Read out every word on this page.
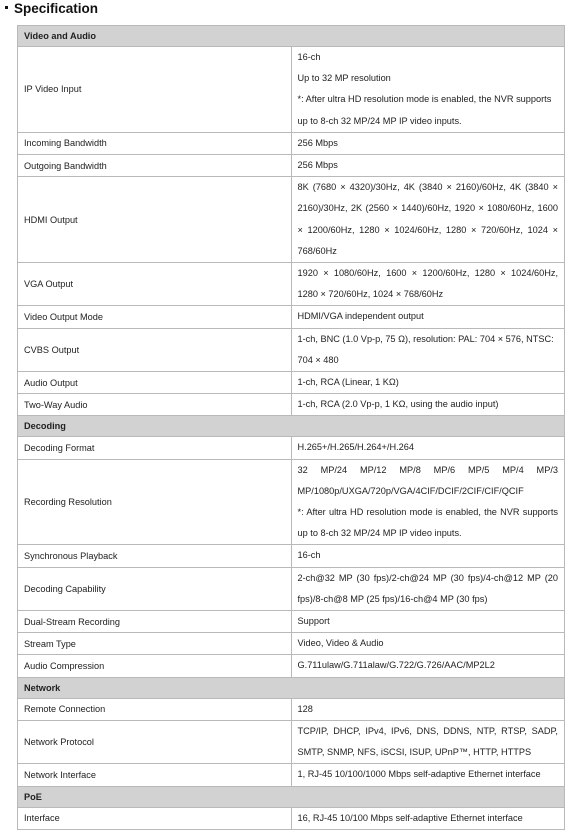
Specification
Video and Audio	
IP Video Input	16-ch
Up to 32 MP resolution
*: After ultra HD resolution mode is enabled, the NVR supports up to 8-ch 32 MP/24 MP IP video inputs.

Incoming Bandwidth	256 Mbps

Outgoing Bandwidth	256 Mbps

HDMI Output	8K (7680 × 4320)/30Hz, 4K (3840 × 2160)/60Hz, 4K (3840 × 2160)/30Hz, 2K (2560 × 1440)/60Hz, 1920 × 1080/60Hz, 1600 × 1200/60Hz, 1280 × 1024/60Hz, 1280 × 720/60Hz, 1024 × 768/60Hz

VGA Output	1920 × 1080/60Hz, 1600 × 1200/60Hz, 1280 × 1024/60Hz, 1280 × 720/60Hz, 1024 × 768/60Hz

Video Output Mode	HDMI/VGA independent output

CVBS Output	1-ch, BNC (1.0 Vp-p, 75 Ω), resolution: PAL: 704 × 576, NTSC: 704 × 480

Audio Output	1-ch, RCA (Linear, 1 KΩ)

Two-Way Audio	1-ch, RCA (2.0 Vp-p, 1 KΩ, using the audio input)

Decoding	
Decoding Format	H.265+/H.265/H.264+/H.264

Recording Resolution	32 MP/24 MP/12 MP/8 MP/6 MP/5 MP/4 MP/3 MP/1080p/UXGA/720p/VGA/4CIF/DCIF/2CIF/CIF/QCIF
*: After ultra HD resolution mode is enabled, the NVR supports up to 8-ch 32 MP/24 MP IP video inputs.

Synchronous Playback	16-ch

Decoding Capability	2-ch@32 MP (30 fps)/2-ch@24 MP (30 fps)/4-ch@12 MP (20 fps)/8-ch@8 MP (25 fps)/16-ch@4 MP (30 fps)

Dual-Stream Recording	Support

Stream Type	Video, Video & Audio

Audio Compression	G.711ulaw/G.711alaw/G.722/G.726/AAC/MP2L2

Network	
Remote Connection	128

Network Protocol	TCP/IP, DHCP, IPv4, IPv6, DNS, DDNS, NTP, RTSP, SADP, SMTP, SNMP, NFS, iSCSI, ISUP, UPnP™, HTTP, HTTPS

Network Interface	1, RJ-45 10/100/1000 Mbps self-adaptive Ethernet interface

PoE	
Interface	16, RJ-45 10/100 Mbps self-adaptive Ethernet interface
